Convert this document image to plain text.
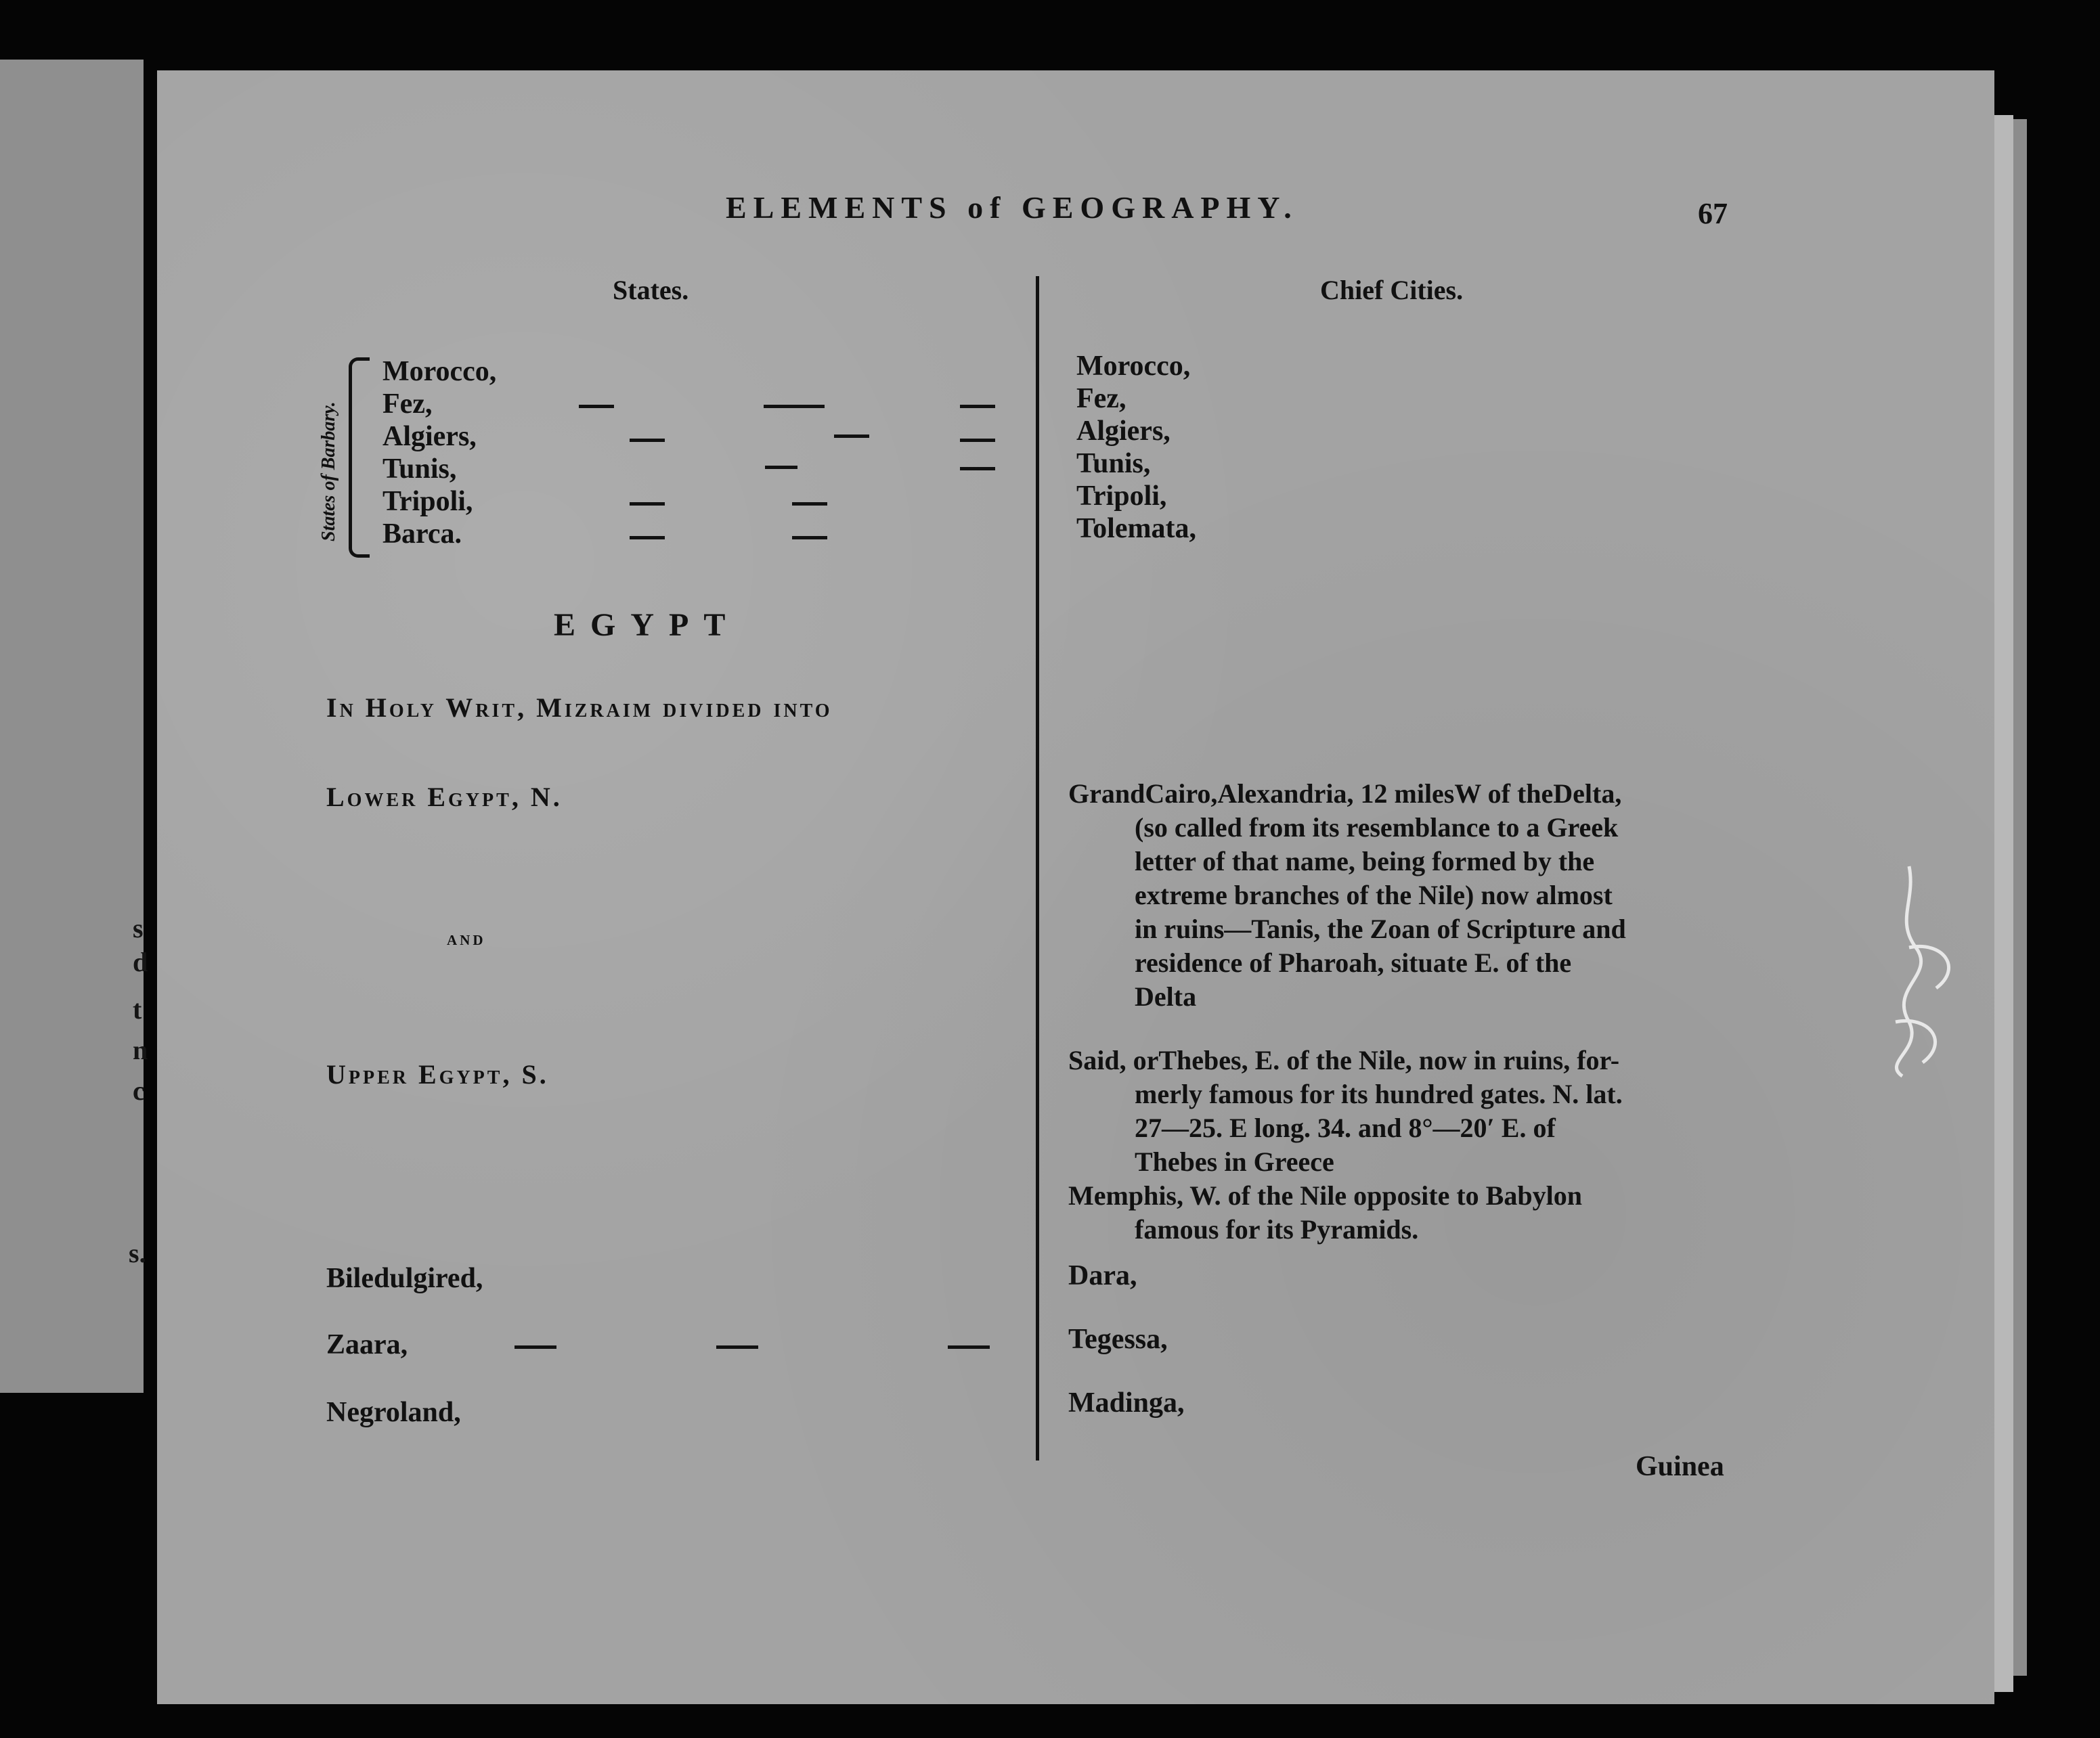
s
d
t
n
c
s.
ELEMENTS of GEOGRAPHY.	67
States.	Chief Cities.
States of Barbary.
Morocco,
Fez,
Algiers,
Tunis,
Tripoli,
Barca.
Morocco,
Fez,
Algiers,
Tunis,
Tripoli,
Tolemata,
EGYPT
In Holy Writ, Mizraim divided into
Lower Egypt, N.
and
Upper Egypt, S.
GrandCairo,Alexandria, 12 milesW of theDelta,
(so called from its resemblance to a Greek
letter of that name, being formed by the
extreme branches of the Nile) now almost
in ruins—Tanis, the Zoan of Scripture and
residence of Pharoah, situate E. of the
Delta
Said, orThebes, E. of the Nile, now in ruins, for-
merly famous for its hundred gates. N. lat.
27—25. E long. 34. and 8°—20′ E. of
Thebes in Greece
Memphis, W. of the Nile opposite to Babylon
famous for its Pyramids.
Biledulgired,
Zaara,
Negroland,
Dara,
Tegessa,
Madinga,
Guinea
